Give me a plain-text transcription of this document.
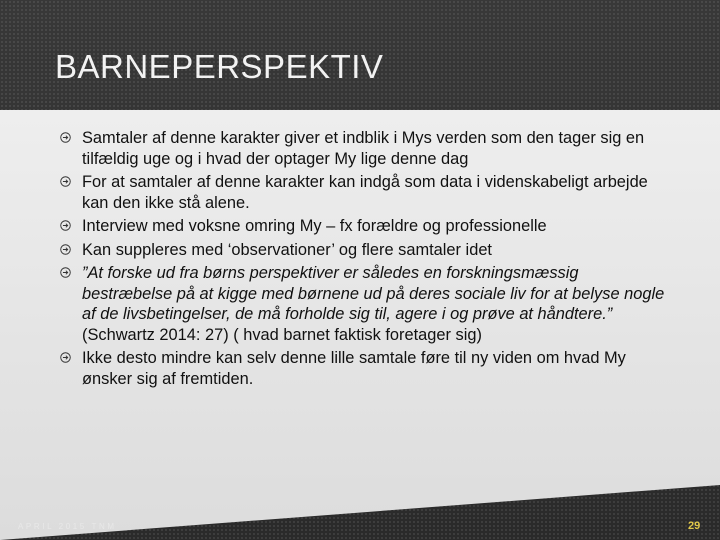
BARNEPERSPEKTIV
Samtaler af denne karakter giver et indblik i Mys verden som den tager sig en tilfældig uge og i hvad der optager My lige denne dag
For at samtaler af denne karakter kan indgå som data i videnskabeligt arbejde kan den ikke stå alene.
Interview med voksne omring My – fx forældre og professionelle
Kan suppleres med ‘observationer’ og flere samtaler idet
”At forske ud fra børns perspektiver er således en forskningsmæssig bestræbelse på at kigge med børnene ud på deres sociale liv for at belyse nogle af de livsbetingelser, de må forholde sig til, agere i og prøve at håndtere.” (Schwartz 2014: 27) ( hvad barnet faktisk foretager sig)
Ikke desto mindre kan selv denne lille samtale føre til ny viden om hvad My ønsker sig af fremtiden.
APRIL 2015 TNM	29
